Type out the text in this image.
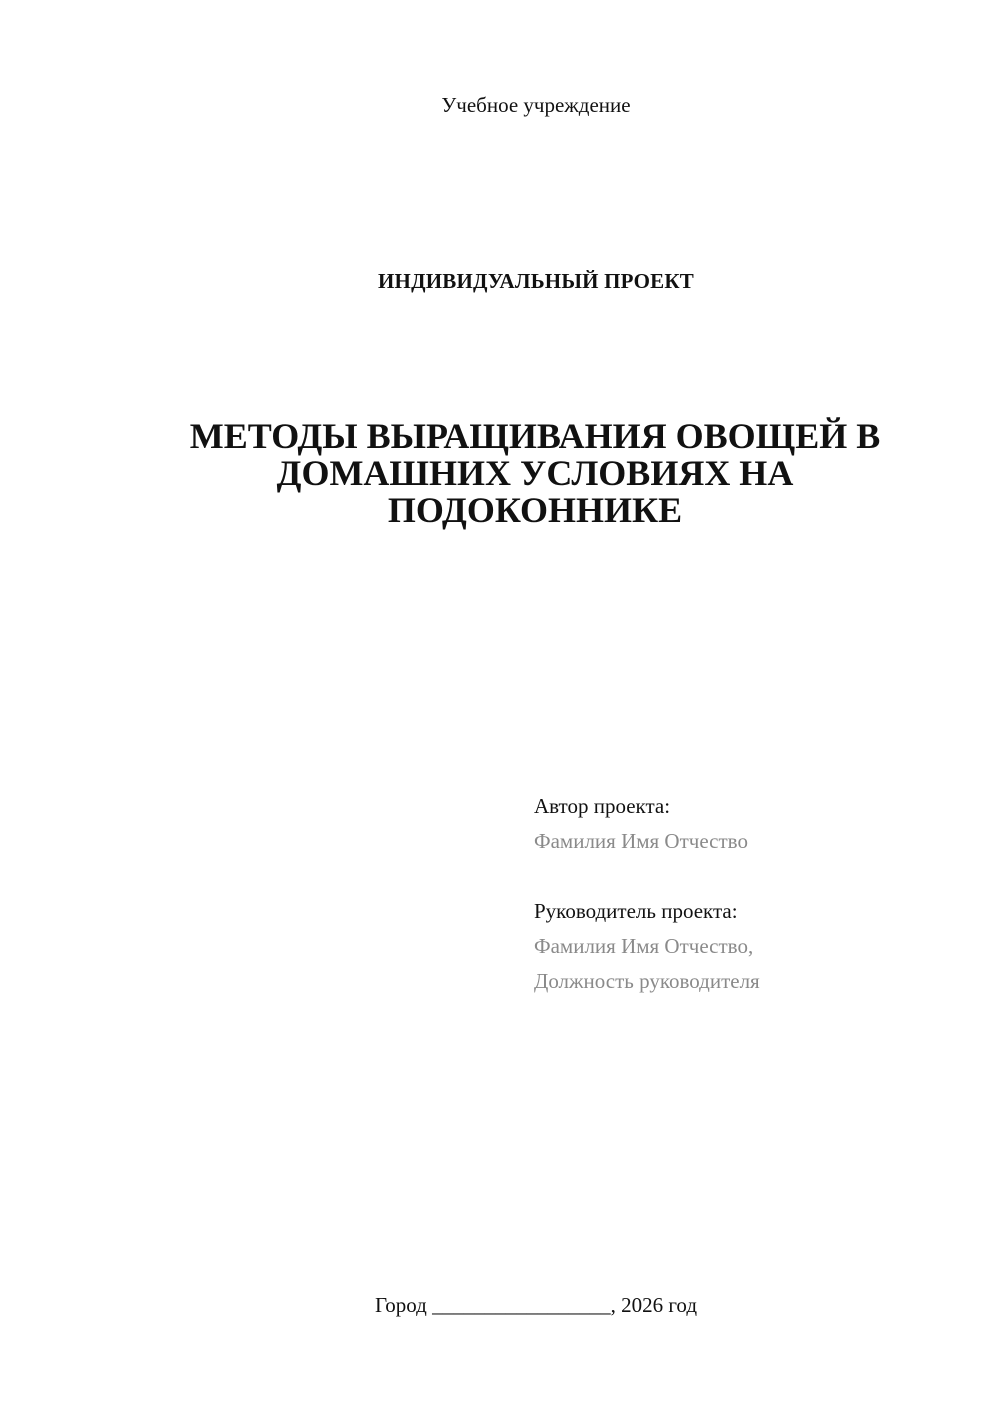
Учебное учреждение
ИНДИВИДУАЛЬНЫЙ ПРОЕКТ
МЕТОДЫ ВЫРАЩИВАНИЯ ОВОЩЕЙ В
ДОМАШНИХ УСЛОВИЯХ НА
ПОДОКОННИКЕ
Автор проекта:
Фамилия Имя Отчество
Руководитель проекта:
Фамилия Имя Отчество,
Должность руководителя
Город _________________, 2026 год
